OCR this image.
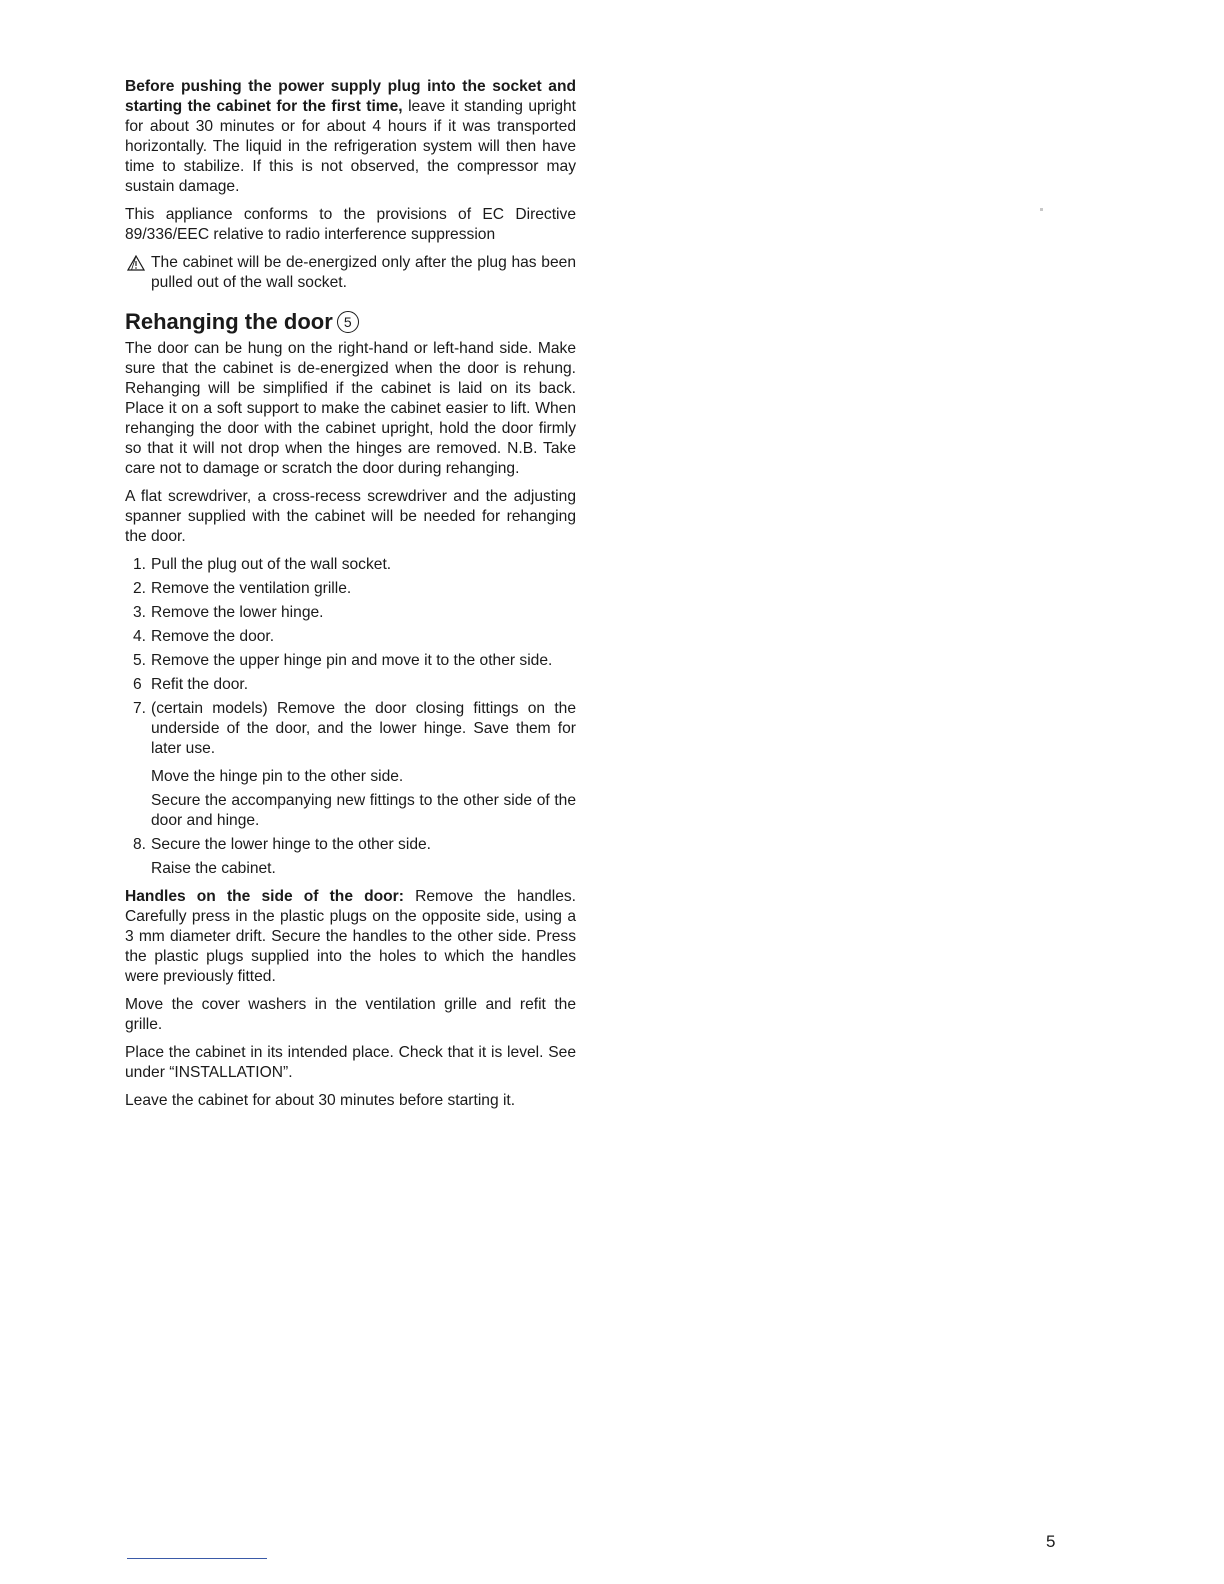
Before pushing the power supply plug into the socket and starting the cabinet for the first time, leave it standing upright for about 30 minutes or for about 4 hours if it was transported horizontally. The liquid in the refrigeration system will then have time to stabilize. If this is not observed, the compressor may sustain damage.

This appliance conforms to the provisions of EC Directive 89/336/EEC relative to radio interference suppression

The cabinet will be de-energized only after the plug has been pulled out of the wall socket.
Rehanging the door 5

The door can be hung on the right-hand or left-hand side. Make sure that the cabinet is de-energized when the door is rehung. Rehanging will be simplified if the cabinet is laid on its back. Place it on a soft support to make the cabinet easier to lift. When rehanging the door with the cabinet upright, hold the door firmly so that it will not drop when the hinges are removed. N.B. Take care not to damage or scratch the door during rehanging.

A flat screwdriver, a cross-recess screwdriver and the adjusting spanner supplied with the cabinet will be needed for rehanging the door.

1. Pull the plug out of the wall socket.
2. Remove the ventilation grille.
3. Remove the lower hinge.
4. Remove the door.
5. Remove the upper hinge pin and move it to the other side.
6 Refit the door.
7. (certain models) Remove the door closing fittings on the underside of the door, and the lower hinge. Save them for later use.
Move the hinge pin to the other side.
Secure the accompanying new fittings to the other side of the door and hinge.
8. Secure the lower hinge to the other side.
Raise the cabinet.

Handles on the side of the door: Remove the handles. Carefully press in the plastic plugs on the opposite side, using a 3 mm diameter drift. Secure the handles to the other side. Press the plastic plugs supplied into the holes to which the handles were previously fitted.

Move the cover washers in the ventilation grille and refit the grille.

Place the cabinet in its intended place. Check that it is level. See under “INSTALLATION”.

Leave the cabinet for about 30 minutes before starting it.

5
